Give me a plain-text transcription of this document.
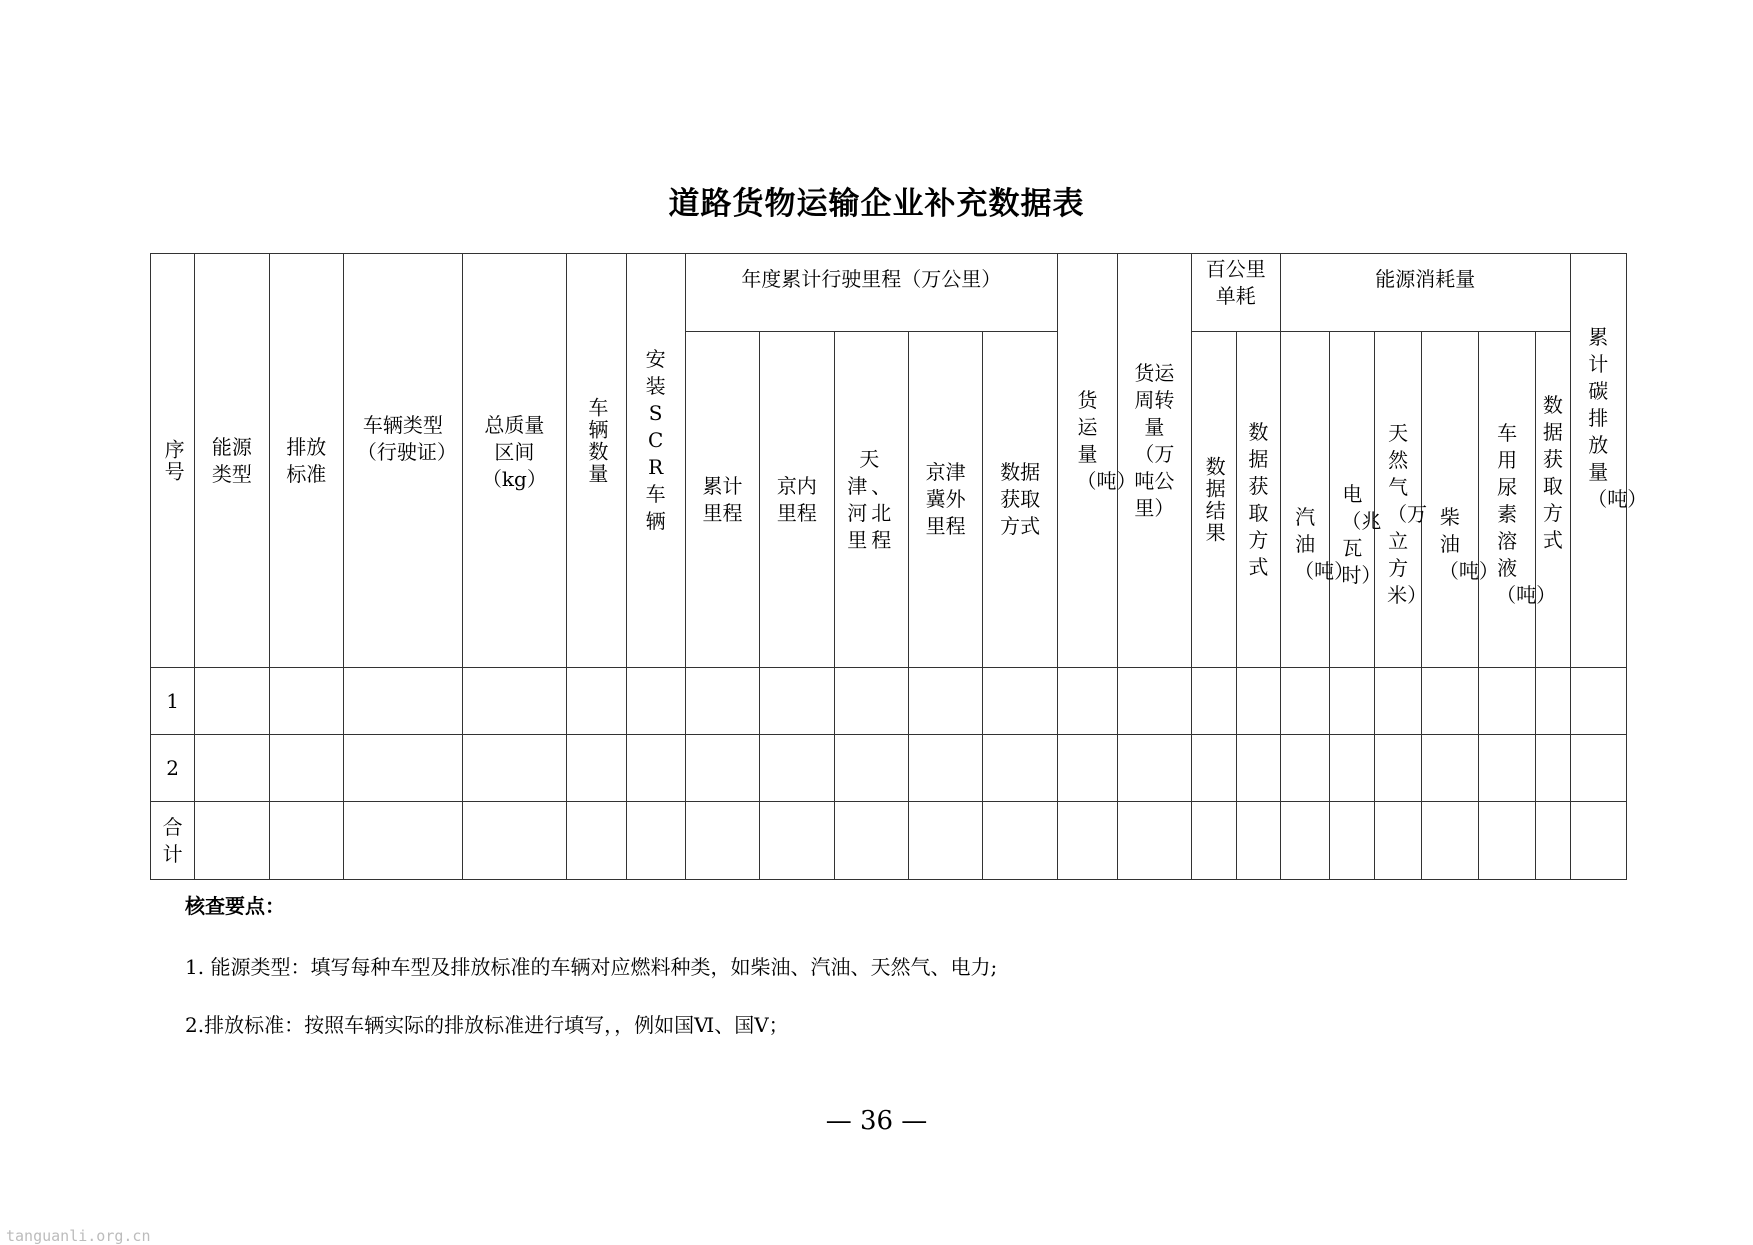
道路货物运输企业补充数据表
序号	能源类型	排放标准	车辆类型（行驶证）	总质量区间（kg）	车辆数量	安装SCR车辆	年度累计行驶里程（万公里）					货运量（吨）	货运周转量（万吨公里）	百公里单耗		能源消耗量						累计碳排放量（吨）

							累计里程	京内里程	天津、河北里程	京津冀外里程	数据获取方式			数据结果	数据获取方式	汽油（吨）	电（兆瓦时）	天然气（万立方米）	柴油（吨）	车用尿素溶液（吨）	数据获取方式	

1																						
2																						

合计																						

核查要点：
1. 能源类型：填写每种车型及排放标准的车辆对应燃料种类，如柴油、汽油、天然气、电力;
2.排放标准：按照车辆实际的排放标准进行填写，，例如国Ⅵ、国Ⅴ；
— 36 —
tanguanli.org.cn
